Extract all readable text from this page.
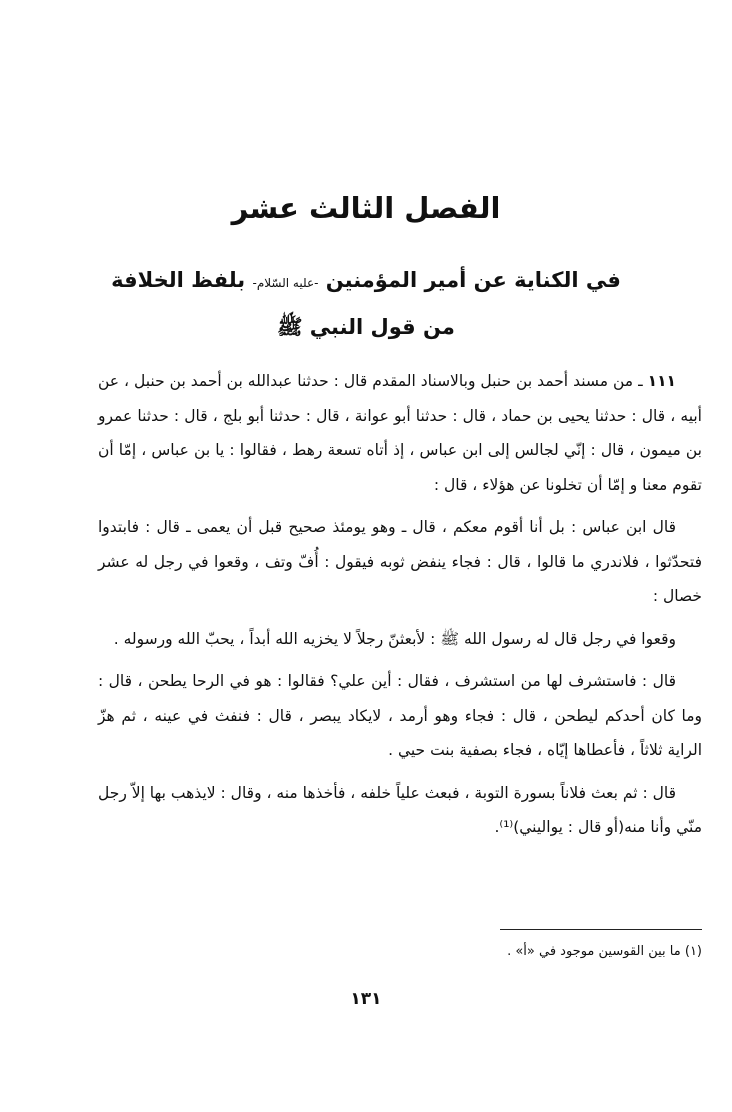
الفصل الثالث عشر
في الكناية عن أمير المؤمنين -عليه السّلام- بلفظ الخلافة
من قول النبي ﷺ

١١١ ـ من مسند أحمد بن حنبل وبالاسناد المقدم قال : حدثنا عبدالله بن أحمد بن حنبل ، عن أبيه ، قال : حدثنا يحيى بن حماد ، قال : حدثنا أبو عوانة ، قال : حدثنا أبو بلج ، قال : حدثنا عمرو بن ميمون ، قال : إنّي لجالس إلى ابن عباس ، إذ أتاه تسعة رهط ، فقالوا : يا بن عباس ، إمّا أن تقوم معنا و إمّا أن تخلونا عن هؤلاء ، قال :

قال ابن عباس : بل أنا أقوم معكم ، قال ـ وهو يومئذ صحيح قبل أن يعمى ـ قال : فابتدوا فتحدّثوا ، فلاندري ما قالوا ، قال : فجاء ينفض ثوبه فيقول : أُفّ وتف ، وقعوا في رجل له عشر خصال :

وقعوا في رجل قال له رسول الله ﷺ : لأبعثنّ رجلاً لا يخزيه الله أبداً ، يحبّ الله ورسوله .

قال : فاستشرف لها من استشرف ، فقال : أين علي؟ فقالوا : هو في الرحا يطحن ، قال : وما كان أحدكم ليطحن ، قال : فجاء وهو أرمد ، لايكاد يبصر ، قال : فنفث في عينه ، ثم هزّ الراية ثلاثاً ، فأعطاها إيّاه ، فجاء بصفية بنت حيي .

قال : ثم بعث فلاناً بسورة التوبة ، فبعث علياً خلفه ، فأخذها منه ، وقال : لايذهب بها إلاّ رجل منّي وأنا منه(أو قال : يواليني)⁽¹⁾.

(١) ما بين القوسين موجود في «أ» .
١٣١
